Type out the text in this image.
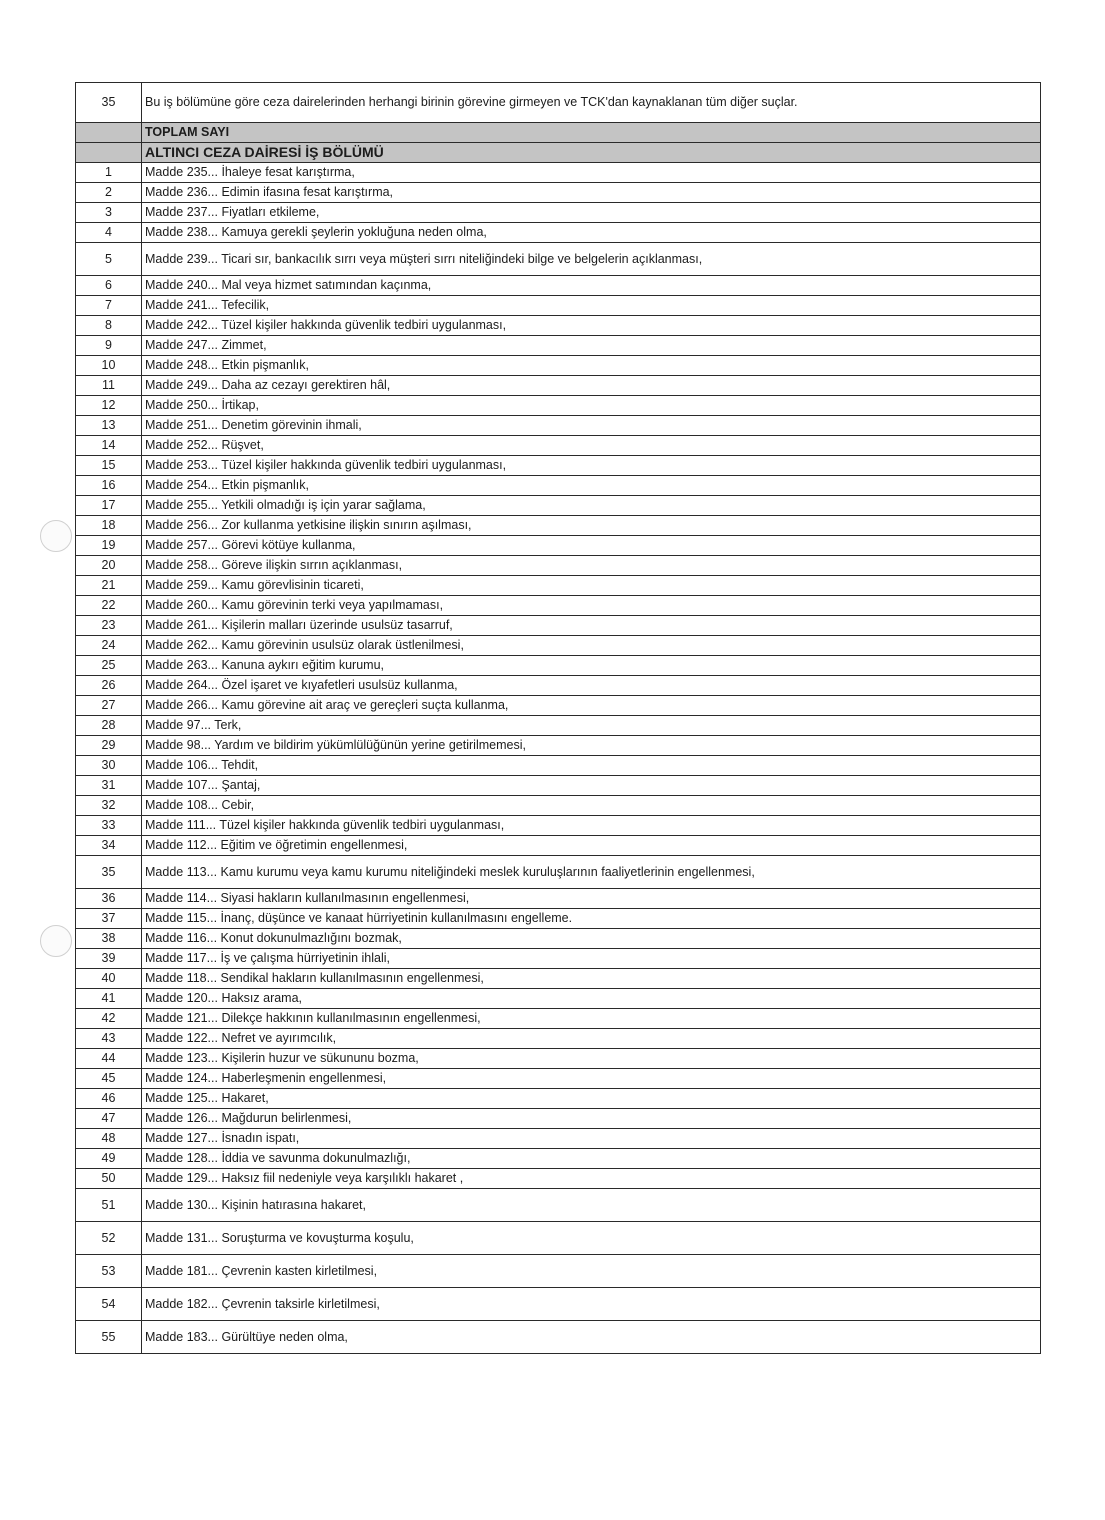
35	Bu iş bölümüne göre ceza dairelerinden herhangi birinin görevine girmeyen ve TCK'dan kaynaklanan tüm diğer suçlar.
	TOPLAM SAYI
	ALTINCI CEZA DAİRESİ İŞ BÖLÜMÜ
1	Madde 235... İhaleye fesat karıştırma,
2	Madde 236... Edimin ifasına fesat karıştırma,
3	Madde 237... Fiyatları etkileme,
4	Madde 238... Kamuya gerekli şeylerin yokluğuna neden olma,
5	Madde 239... Ticari sır, bankacılık sırrı veya müşteri sırrı niteliğindeki bilge ve belgelerin açıklanması,
6	Madde 240... Mal veya hizmet satımından kaçınma,
7	Madde 241... Tefecilik,
8	Madde 242... Tüzel kişiler hakkında güvenlik tedbiri uygulanması,
9	Madde 247... Zimmet,
10	Madde 248... Etkin pişmanlık,
11	Madde 249... Daha az cezayı gerektiren hâl,
12	Madde 250... İrtikap,
13	Madde 251... Denetim görevinin ihmali,
14	Madde 252... Rüşvet,
15	Madde 253... Tüzel kişiler hakkında güvenlik tedbiri uygulanması,
16	Madde 254... Etkin pişmanlık,
17	Madde 255... Yetkili olmadığı iş için yarar sağlama,
18	Madde 256... Zor kullanma yetkisine ilişkin sınırın aşılması,
19	Madde 257... Görevi kötüye kullanma,
20	Madde 258... Göreve ilişkin sırrın açıklanması,
21	Madde 259... Kamu görevlisinin ticareti,
22	Madde 260... Kamu görevinin terki veya yapılmaması,
23	Madde 261... Kişilerin malları üzerinde usulsüz tasarruf,
24	Madde 262... Kamu görevinin usulsüz olarak üstlenilmesi,
25	Madde 263... Kanuna aykırı eğitim kurumu,
26	Madde 264... Özel işaret ve kıyafetleri usulsüz kullanma,
27	Madde 266... Kamu görevine ait araç ve gereçleri suçta kullanma,
28	Madde 97... Terk,
29	Madde 98... Yardım ve bildirim yükümlülüğünün yerine getirilmemesi,
30	Madde 106... Tehdit,
31	Madde 107... Şantaj,
32	Madde 108... Cebir,
33	Madde 111... Tüzel kişiler hakkında güvenlik tedbiri uygulanması,
34	Madde 112... Eğitim ve öğretimin engellenmesi,
35	Madde 113... Kamu kurumu veya kamu kurumu niteliğindeki meslek kuruluşlarının faaliyetlerinin engellenmesi,
36	Madde 114... Siyasi hakların kullanılmasının engellenmesi,
37	Madde 115... İnanç, düşünce ve kanaat hürriyetinin kullanılmasını engelleme.
38	Madde 116... Konut dokunulmazlığını bozmak,
39	Madde 117... İş ve çalışma hürriyetinin ihlali,
40	Madde 118... Sendikal hakların kullanılmasının engellenmesi,
41	Madde 120... Haksız arama,
42	Madde 121... Dilekçe hakkının kullanılmasının engellenmesi,
43	Madde 122... Nefret ve ayırımcılık,
44	Madde 123... Kişilerin huzur ve sükununu bozma,
45	Madde 124... Haberleşmenin engellenmesi,
46	Madde 125... Hakaret,
47	Madde 126... Mağdurun belirlenmesi,
48	Madde 127... İsnadın ispatı,
49	Madde 128... İddia ve savunma dokunulmazlığı,
50	Madde 129... Haksız fiil nedeniyle veya karşılıklı hakaret ,
51	Madde 130... Kişinin hatırasına hakaret,
52	Madde 131... Soruşturma ve kovuşturma koşulu,
53	Madde 181... Çevrenin kasten kirletilmesi,
54	Madde 182... Çevrenin taksirle kirletilmesi,
55	Madde 183... Gürültüye neden olma,
